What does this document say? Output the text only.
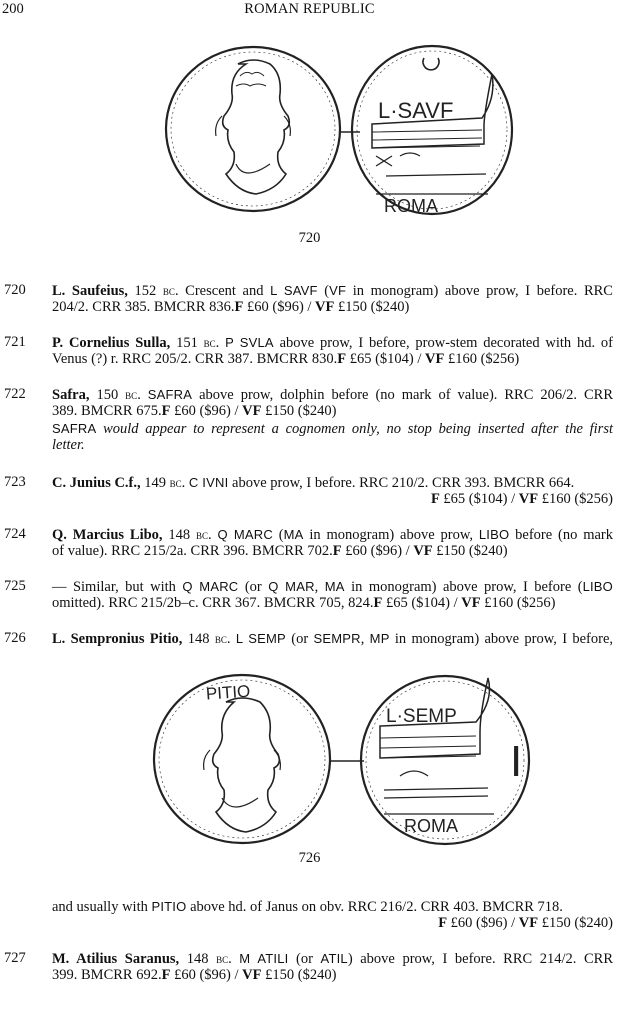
200	ROMAN REPUBLIC
L·SAVF
ROMA
720
720 L. Saufeius, 152 bc. Crescent and L SAVF (VF in monogram) above prow, I before. RRC
204/2. CRR 385. BMCRR 836.F £60 ($96) / VF £150 ($240)
721 P. Cornelius Sulla, 151 bc. P SVLA above prow, I before, prow-stem decorated with hd. of
Venus (?) r. RRC 205/2. CRR 387. BMCRR 830.F £65 ($104) / VF £160 ($256)
722 Safra, 150 bc. SAFRA above prow, dolphin before (no mark of value). RRC 206/2. CRR
389. BMCRR 675.F £60 ($96) / VF £150 ($240)
SAFRA would appear to represent a cognomen only, no stop being inserted after the first
letter.
723 C. Junius C.f., 149 bc. C IVNI above prow, I before. RRC 210/2. CRR 393. BMCRR 664.
F £65 ($104) / VF £160 ($256)
724 Q. Marcius Libo, 148 bc. Q MARC (MA in monogram) above prow, LIBO before (no mark
of value). RRC 215/2a. CRR 396. BMCRR 702.F £60 ($96) / VF £150 ($240)
725 — Similar, but with Q MARC (or Q MAR, MA in monogram) above prow, I before (LIBO
omitted). RRC 215/2b–c. CRR 367. BMCRR 705, 824.F £65 ($104) / VF £160 ($256)
726 L. Sempronius Pitio, 148 bc. L SEMP (or SEMPR, MP in monogram) above prow, I before,
PITIO
L·SEMP
I
ROMA
726
and usually with PITIO above hd. of Janus on obv. RRC 216/2. CRR 403. BMCRR 718.
F £60 ($96) / VF £150 ($240)
727 M. Atilius Saranus, 148 bc. M ATILI (or ATIL) above prow, I before. RRC 214/2. CRR
399. BMCRR 692.F £60 ($96) / VF £150 ($240)
